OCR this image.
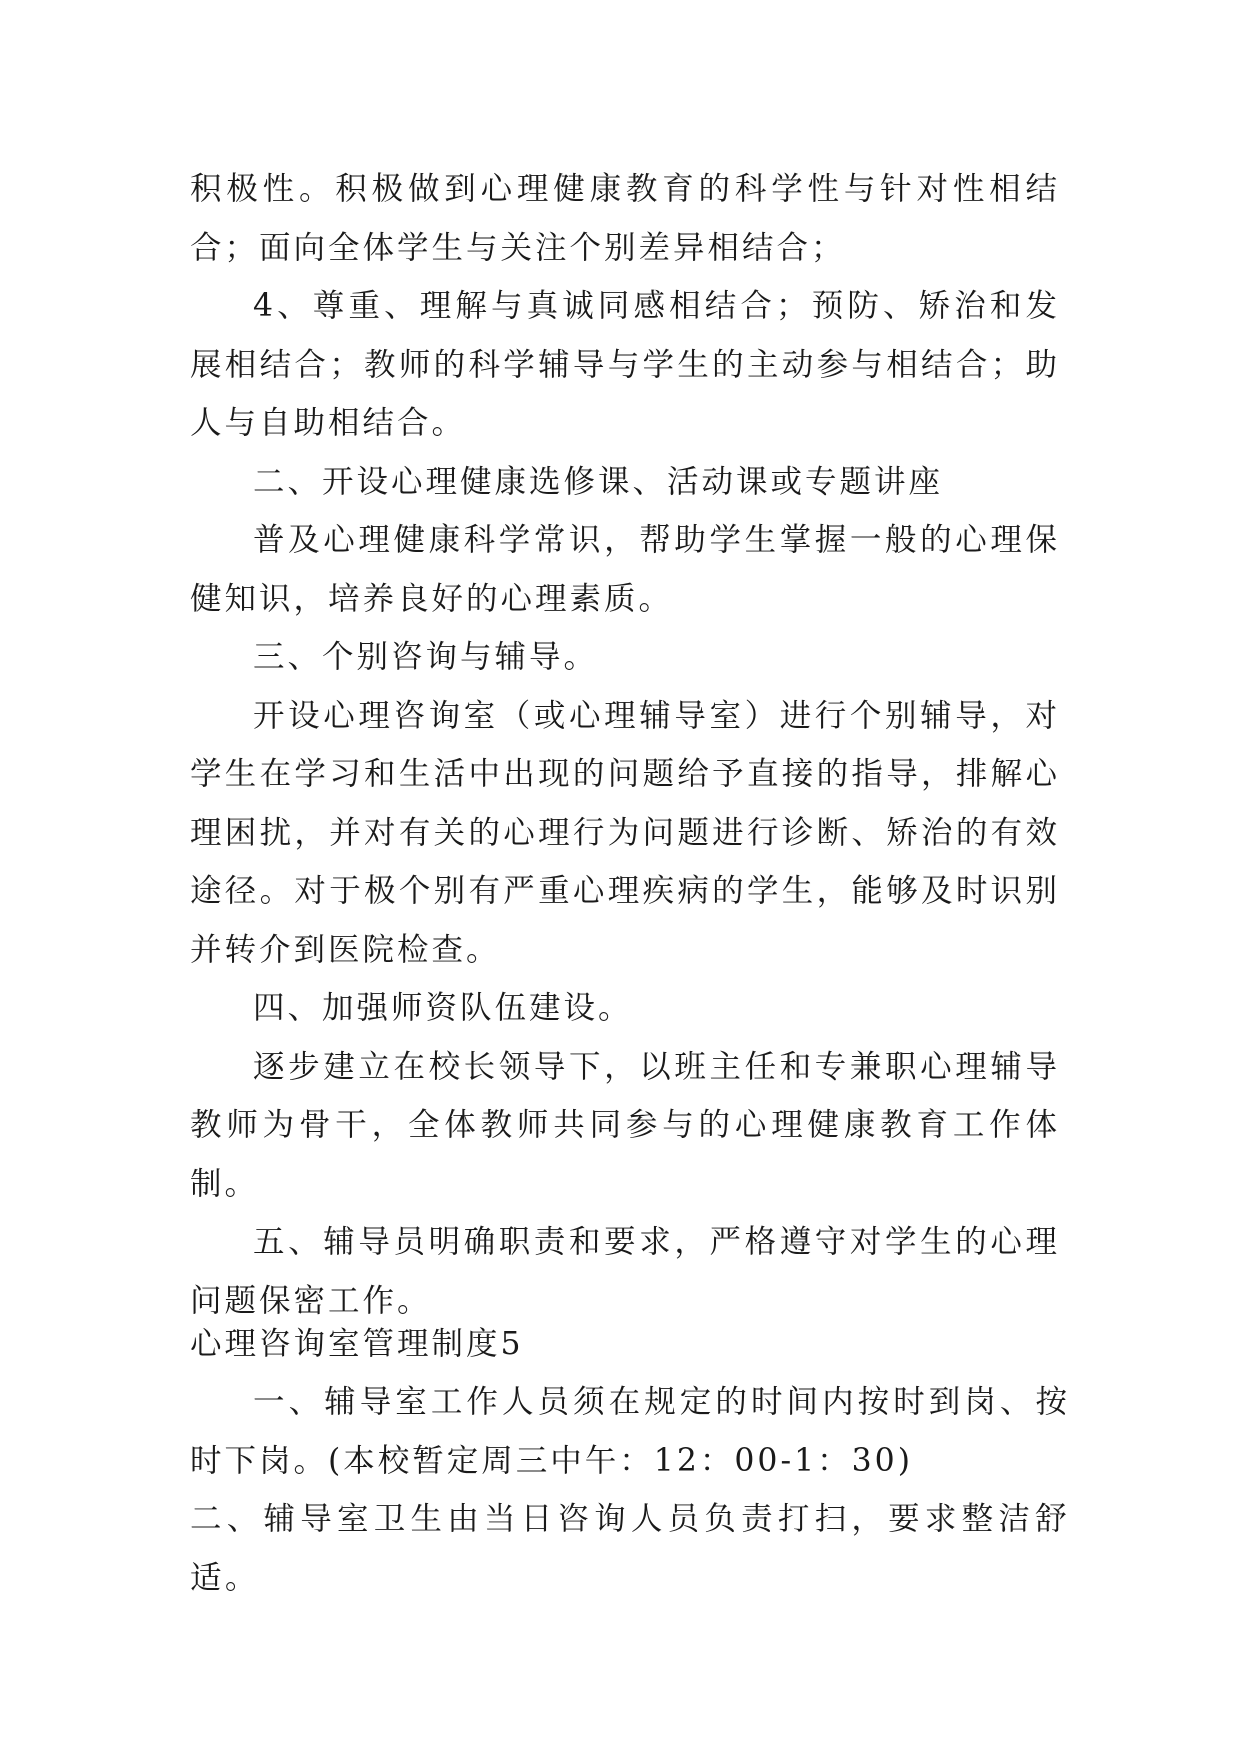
积极性。积极做到心理健康教育的科学性与针对性相结合；面向全体学生与关注个别差异相结合；

4、尊重、理解与真诚同感相结合；预防、矫治和发展相结合；教师的科学辅导与学生的主动参与相结合；助人与自助相结合。

二、开设心理健康选修课、活动课或专题讲座

普及心理健康科学常识，帮助学生掌握一般的心理保健知识，培养良好的心理素质。

三、个别咨询与辅导。

开设心理咨询室（或心理辅导室）进行个别辅导，对学生在学习和生活中出现的问题给予直接的指导，排解心理困扰，并对有关的心理行为问题进行诊断、矫治的有效途径。对于极个别有严重心理疾病的学生，能够及时识别并转介到医院检查。

四、加强师资队伍建设。

逐步建立在校长领导下，以班主任和专兼职心理辅导教师为骨干，全体教师共同参与的心理健康教育工作体制。

五、辅导员明确职责和要求，严格遵守对学生的心理问题保密工作。

心理咨询室管理制度5

一、辅导室工作人员须在规定的时间内按时到岗、按时下岗。(本校暂定周三中午：12：00-1：30)

二、辅导室卫生由当日咨询人员负责打扫，要求整洁舒适。
